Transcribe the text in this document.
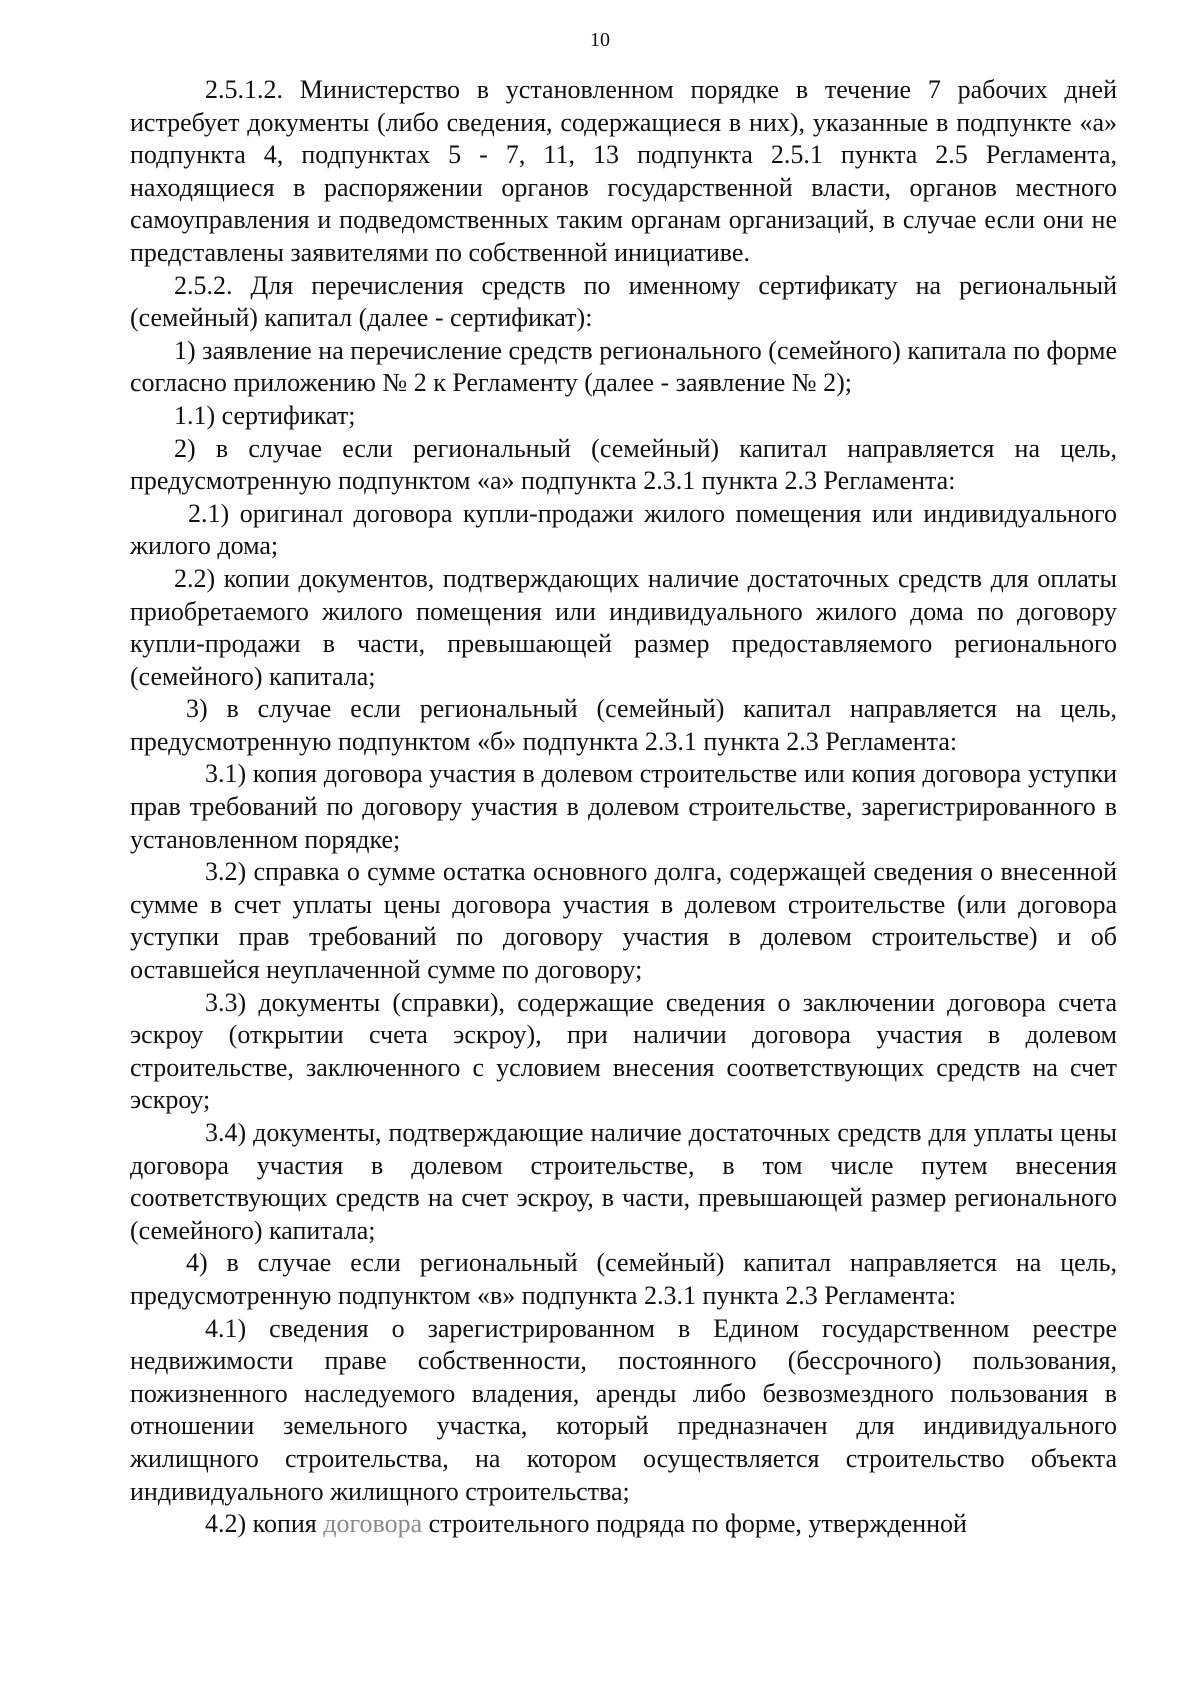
10

2.5.1.2. Министерство в установленном порядке в течение 7 рабочих дней истребует документы (либо сведения, содержащиеся в них), указанные в подпункте «а» подпункта 4, подпунктах 5 - 7, 11, 13 подпункта 2.5.1 пункта 2.5 Регламента, находящиеся в распоряжении органов государственной власти, органов местного самоуправления и подведомственных таким органам организаций, в случае если они не представлены заявителями по собственной инициативе.

2.5.2. Для перечисления средств по именному сертификату на региональный (семейный) капитал (далее - сертификат):

1) заявление на перечисление средств регионального (семейного) капитала по форме согласно приложению № 2 к Регламенту (далее - заявление № 2);

1.1) сертификат;

2) в случае если региональный (семейный) капитал направляется на цель, предусмотренную подпунктом «а» подпункта 2.3.1 пункта 2.3 Регламента:

2.1) оригинал договора купли-продажи жилого помещения или индивидуального жилого дома;

2.2) копии документов, подтверждающих наличие достаточных средств для оплаты приобретаемого жилого помещения или индивидуального жилого дома по договору купли-продажи в части, превышающей размер предоставляемого регионального (семейного) капитала;

3) в случае если региональный (семейный) капитал направляется на цель, предусмотренную подпунктом «б» подпункта 2.3.1 пункта 2.3 Регламента:

3.1) копия договора участия в долевом строительстве или копия договора уступки прав требований по договору участия в долевом строительстве, зарегистрированного в установленном порядке;

3.2) справка о сумме остатка основного долга, содержащей сведения о внесенной сумме в счет уплаты цены договора участия в долевом строительстве (или договора уступки прав требований по договору участия в долевом строительстве) и об оставшейся неуплаченной сумме по договору;

3.3) документы (справки), содержащие сведения о заключении договора счета эскроу (открытии счета эскроу), при наличии договора участия в долевом строительстве, заключенного с условием внесения соответствующих средств на счет эскроу;

3.4) документы, подтверждающие наличие достаточных средств для уплаты цены договора участия в долевом строительстве, в том числе путем внесения соответствующих средств на счет эскроу, в части, превышающей размер регионального (семейного) капитала;

4) в случае если региональный (семейный) капитал направляется на цель, предусмотренную подпунктом «в» подпункта 2.3.1 пункта 2.3 Регламента:

4.1) сведения о зарегистрированном в Едином государственном реестре недвижимости праве собственности, постоянного (бессрочного) пользования, пожизненного наследуемого владения, аренды либо безвозмездного пользования в отношении земельного участка, который предназначен для индивидуального жилищного строительства, на котором осуществляется строительство объекта индивидуального жилищного строительства;

4.2) копия договора строительного подряда по форме, утвержденной
